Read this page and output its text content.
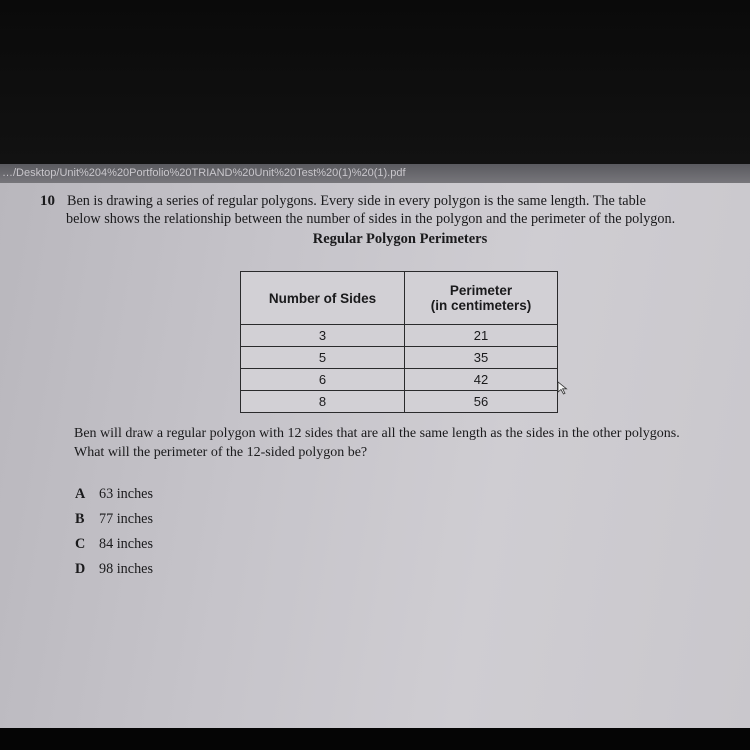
…/Desktop/Unit%204%20Portfolio%20TRIAND%20Unit%20Test%20(1)%20(1).pdf
10 Ben is drawing a series of regular polygons. Every side in every polygon is the same length. The table
below shows the relationship between the number of sides in the polygon and the perimeter of the polygon.
Regular Polygon Perimeters
Number of Sides	Perimeter
(in centimeters)
3	21
5	35
6	42
8	56
Ben will draw a regular polygon with 12 sides that are all the same length as the sides in the other polygons.
What will the perimeter of the 12-sided polygon be?
A 63 inches
B 77 inches
C 84 inches
D 98 inches
